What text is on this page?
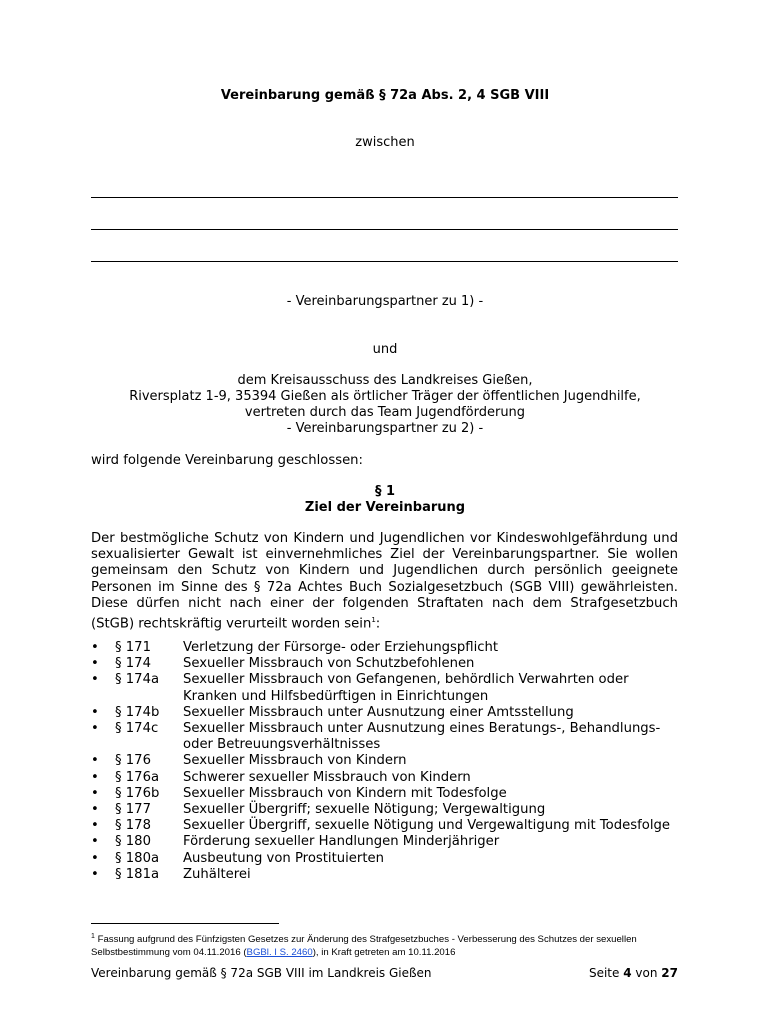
Vereinbarung gemäß § 72a Abs. 2, 4 SGB VIII
zwischen
- Vereinbarungspartner zu 1) -
und
dem Kreisausschuss des Landkreises Gießen,
Riversplatz 1-9, 35394 Gießen als örtlicher Träger der öffentlichen Jugendhilfe,
vertreten durch das Team Jugendförderung
- Vereinbarungspartner zu 2) -
wird folgende Vereinbarung geschlossen:
§ 1
Ziel der Vereinbarung
Der bestmögliche Schutz von Kindern und Jugendlichen vor Kindeswohlgefährdung und sexualisierter Gewalt ist einvernehmliches Ziel der Vereinbarungspartner. Sie wollen gemeinsam den Schutz von Kindern und Jugendlichen durch persönlich geeignete Personen im Sinne des § 72a Achtes Buch Sozialgesetzbuch (SGB VIII) gewährleisten. Diese dürfen nicht nach einer der folgenden Straftaten nach dem Strafgesetzbuch (StGB) rechtskräftig verurteilt worden sein$^1$:
• § 171 Verletzung der Fürsorge- oder Erziehungspflicht
• § 174 Sexueller Missbrauch von Schutzbefohlenen
• § 174a Sexueller Missbrauch von Gefangenen, behördlich Verwahrten oder Kranken und Hilfsbedürftigen in Einrichtungen
• § 174b Sexueller Missbrauch unter Ausnutzung einer Amtsstellung
• § 174c Sexueller Missbrauch unter Ausnutzung eines Beratungs-, Behandlungs- oder Betreuungsverhältnisses
• § 176 Sexueller Missbrauch von Kindern
• § 176a Schwerer sexueller Missbrauch von Kindern
• § 176b Sexueller Missbrauch von Kindern mit Todesfolge
• § 177 Sexueller Übergriff; sexuelle Nötigung; Vergewaltigung
• § 178 Sexueller Übergriff, sexuelle Nötigung und Vergewaltigung mit Todesfolge
• § 180 Förderung sexueller Handlungen Minderjähriger
• § 180a Ausbeutung von Prostituierten
• § 181a Zuhälterei
$^1$ Fassung aufgrund des Fünfzigsten Gesetzes zur Änderung des Strafgesetzbuches - Verbesserung des Schutzes der sexuellen Selbstbestimmung vom 04.11.2016 (BGBl. I S. 2460), in Kraft getreten am 10.11.2016
Vereinbarung gemäß § 72a SGB VIII im Landkreis Gießen	Seite 4 von 27
